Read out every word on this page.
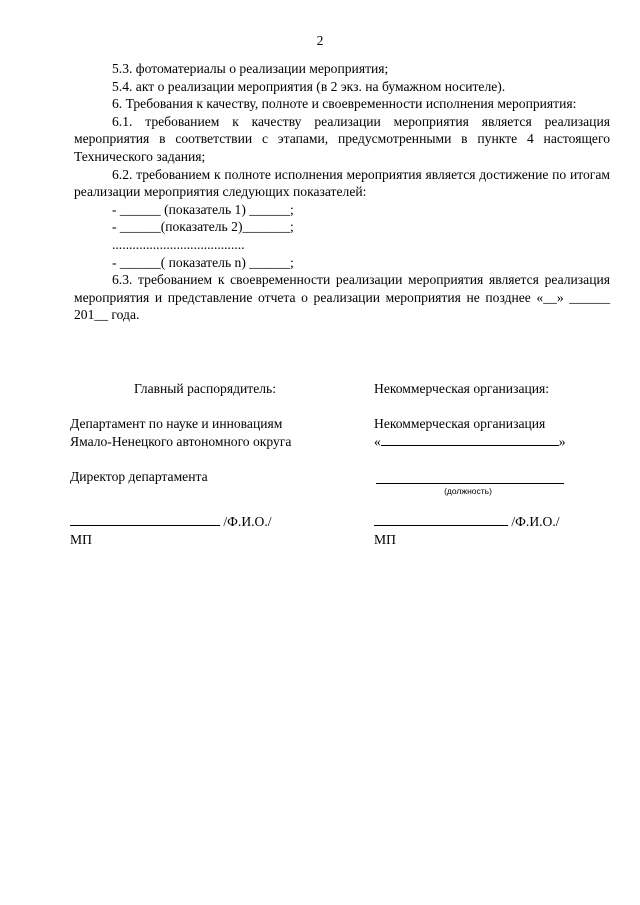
2

5.3. фотоматериалы о реализации мероприятия;

5.4. акт о реализации мероприятия (в 2 экз. на бумажном носителе).

6. Требования к качеству, полноте и своевременности исполнения мероприятия:

6.1. требованием к качеству реализации мероприятия является реализация мероприятия в соответствии с этапами, предусмотренными в пункте 4 настоящего Технического задания;

6.2. требованием к полноте исполнения мероприятия является достижение по итогам реализации мероприятия следующих показателей:

- ______ (показатель 1) ______;

- ______(показатель 2)_______;

.......................................

- ______( показатель n) ______;

6.3. требованием к своевременности реализации мероприятия является реализация мероприятия и представление отчета о реализации мероприятия не позднее «__» ______ 201__ года.

Главный распорядитель:
Департамент по науке и инновациям
Ямало-Ненецкого автономного округа
Директор департамента
/Ф.И.О./
МП
Некоммерческая организация:
Некоммерческая организация
«	»
(должность)
/Ф.И.О./
МП
